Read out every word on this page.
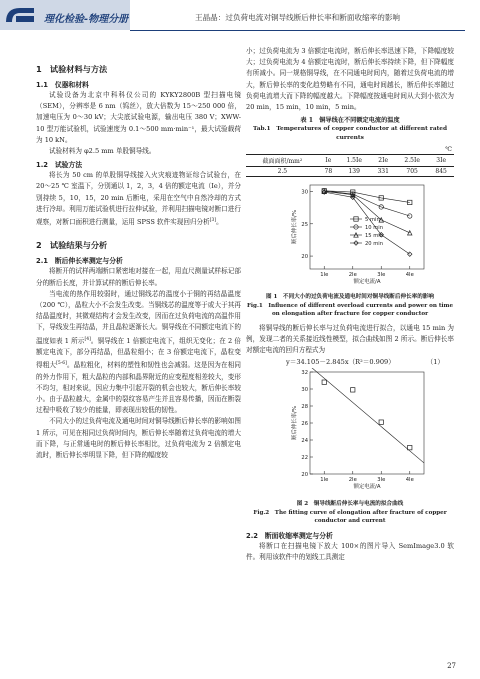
理化检验-物理分册	王晶晶：过负荷电流对铜导线断后伸长率和断面收缩率的影响
1　试验材料与方法
1.1　仪器和材料

试验设备为北京中科科仪公司的 KYKY2800B 型扫描电镜（SEM），分辨率是 6 nm（钨丝），放大倍数为 15～250 000 倍，加速电压为 0～30 kV；大尖底试验电源，输出电压 380 V；XWW-10 型万能试验机，试验速度为 0.1～500 mm·min⁻¹，最大试验载荷为 10 kN。

试验材料为 φ2.5 mm 单股铜导线。

1.2　试验方法

将长为 50 cm 的单股铜导线接入火灾痕迹物证综合试验台，在 20～25 ℃ 室温下，分别通以 1，2，3，4 倍的额定电流（Ie），并分别持续 5，10，15，20 min 后断电，采用在空气中自然冷却的方式进行冷却。利用万能试验机进行拉伸试验，并利用扫描电镜对断口进行观察，对断口面积进行测量，运用 SPSS 软件实现回归分析[3]。

2　试验结果与分析
2.1　断后伸长率测定与分析

将断开的试样两端断口紧密地对接在一起，用直尺测量试样标记部分的断后长度，并计算试样的断后伸长率。

当电流的热作用较弱时，通过铜线芯的温度小于铜的再结晶温度（200 ℃），晶粒大小不会发生改变。当铜线芯的温度等于或大于其再结晶温度时，其微观结构才会发生改变，因而在过负荷电流的高温作用下，导线发生再结晶，并且晶粒逐渐长大。铜导线在不同额定电流下的温度如表 1 所示[4]。铜导线在 1 倍额定电流下，组织无变化；在 2 倍额定电流下，部分再结晶，但晶粒细小；在 3 倍额定电流下，晶粒变得粗大[5-6]。晶粒粗化，材料的塑性和韧性也会减弱。这是因为在相同的外力作用下，粗大晶粒的内部和晶界附近的应变程度相差较大，变形不均匀，相对来说，因应力集中引起开裂的机会也较大，断后伸长率较小。由于晶粒越大，金属中的裂纹容易产生并且容易传播，因而在断裂过程中吸收了较少的能量，即表现出较低的韧性。

不同大小的过负荷电流及通电时间对铜导线断后伸长率的影响如图 1 所示，可见在相同过负荷时间内，断后伸长率随着过负荷电流的增大而下降，与正常通电时的断后伸长率相比，过负荷电流为 2 倍额定电流时，断后伸长率明显下降，但下降的幅度较

小；过负荷电流为 3 倍额定电流时，断后伸长率迅速下降，下降幅度较大；过负荷电流为 4 倍额定电流时，断后伸长率持续下降，但下降幅度有所减小。同一规格铜导线，在不同通电时间内，随着过负荷电流的增大，断后伸长率的变化趋势略有不同，通电时间越长，断后伸长率随过负荷电流增大而下降的幅度越大。下降幅度按通电时间从大到小依次为 20 min，15 min，10 min，5 min。

表 1　铜导线在不同额定电流的温度
Tab.1　Temperatures of copper conductor at different rated currents
℃					
截面面积/mm²	Ie	1.5Ie	2Ie	2.5Ie	3Ie
2.5	78	139	331	705	845
20
25
30
1Ie	2Ie	3Ie	4Ie
额定电流/A
断后伸长率/%	5 min
10 min
15 min
20 min
图 1　不同大小的过负荷电流及通电时间对铜导线断后伸长率的影响
Fig.1　Influence of different overload currents and power on time on elongation after fracture for copper conductor

将铜导线的断后伸长率与过负荷电流进行拟合，以通电 15 min 为例，发现二者的关系接近线性模型，拟合曲线如图 2 所示。断后伸长率对额定电流的回归方程式为

y＝34.105－2.845x（R²＝0.909）	（1）
20
22
24
26
28
30
32
1Ie	2Ie	3Ie	4Ie
额定电流/A
断后伸长率/%
图 2　铜导线断后伸长率与电流的拟合曲线
Fig.2　The fitting curve of elongation after fracture of copper conductor and current
2.2　断面收缩率测定与分析

将断口在扫描电镜下放大 100×的图片导入 SemImage3.0 软件。利用该软件中的划线工具测定

27
